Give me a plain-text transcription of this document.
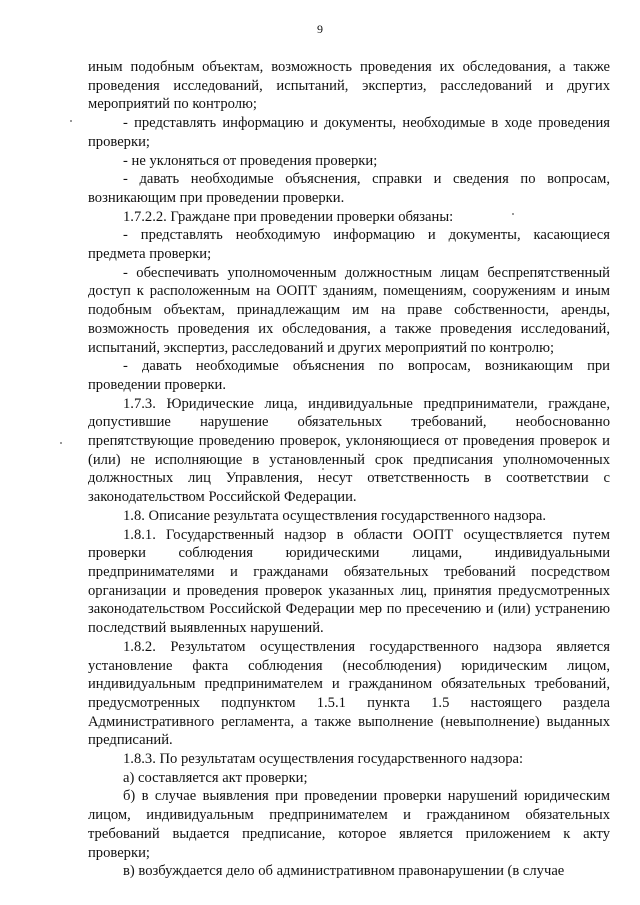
9

иным подобным объектам, возможность проведения их обследования, а также проведения исследований, испытаний, экспертиз, расследований и других мероприятий по контролю;

- представлять информацию и документы, необходимые в ходе проведения проверки;

- не уклоняться от проведения проверки;

- давать необходимые объяснения, справки и сведения по вопросам, возникающим при проведении проверки.

1.7.2.2. Граждане при проведении проверки обязаны:

- представлять необходимую информацию и документы, касающиеся предмета проверки;

- обеспечивать уполномоченным должностным лицам беспрепятственный доступ к расположенным на ООПТ зданиям, помещениям, сооружениям и иным подобным объектам, принадлежащим им на праве собственности, аренды, возможность проведения их обследования, а также проведения исследований, испытаний, экспертиз, расследований и других мероприятий по контролю;

- давать необходимые объяснения по вопросам, возникающим при проведении проверки.

1.7.3. Юридические лица, индивидуальные предприниматели, граждане, допустившие нарушение обязательных требований, необоснованно препятствующие проведению проверок, уклоняющиеся от проведения проверок и (или) не исполняющие в установленный срок предписания уполномоченных должностных лиц Управления, несут ответственность в соответствии с законодательством Российской Федерации.

1.8. Описание результата осуществления государственного надзора.

1.8.1. Государственный надзор в области ООПТ осуществляется путем проверки соблюдения юридическими лицами, индивидуальными предпринимателями и гражданами обязательных требований посредством организации и проведения проверок указанных лиц, принятия предусмотренных законодательством Российской Федерации мер по пресечению и (или) устранению последствий выявленных нарушений.

1.8.2. Результатом осуществления государственного надзора является установление факта соблюдения (несоблюдения) юридическим лицом, индивидуальным предпринимателем и гражданином обязательных требований, предусмотренных подпунктом 1.5.1 пункта 1.5 настоящего раздела Административного регламента, а также выполнение (невыполнение) выданных предписаний.

1.8.3. По результатам осуществления государственного надзора:

а) составляется акт проверки;

б) в случае выявления при проведении проверки нарушений юридическим лицом, индивидуальным предпринимателем и гражданином обязательных требований выдается предписание, которое является приложением к акту проверки;

в) возбуждается дело об административном правонарушении (в случае
